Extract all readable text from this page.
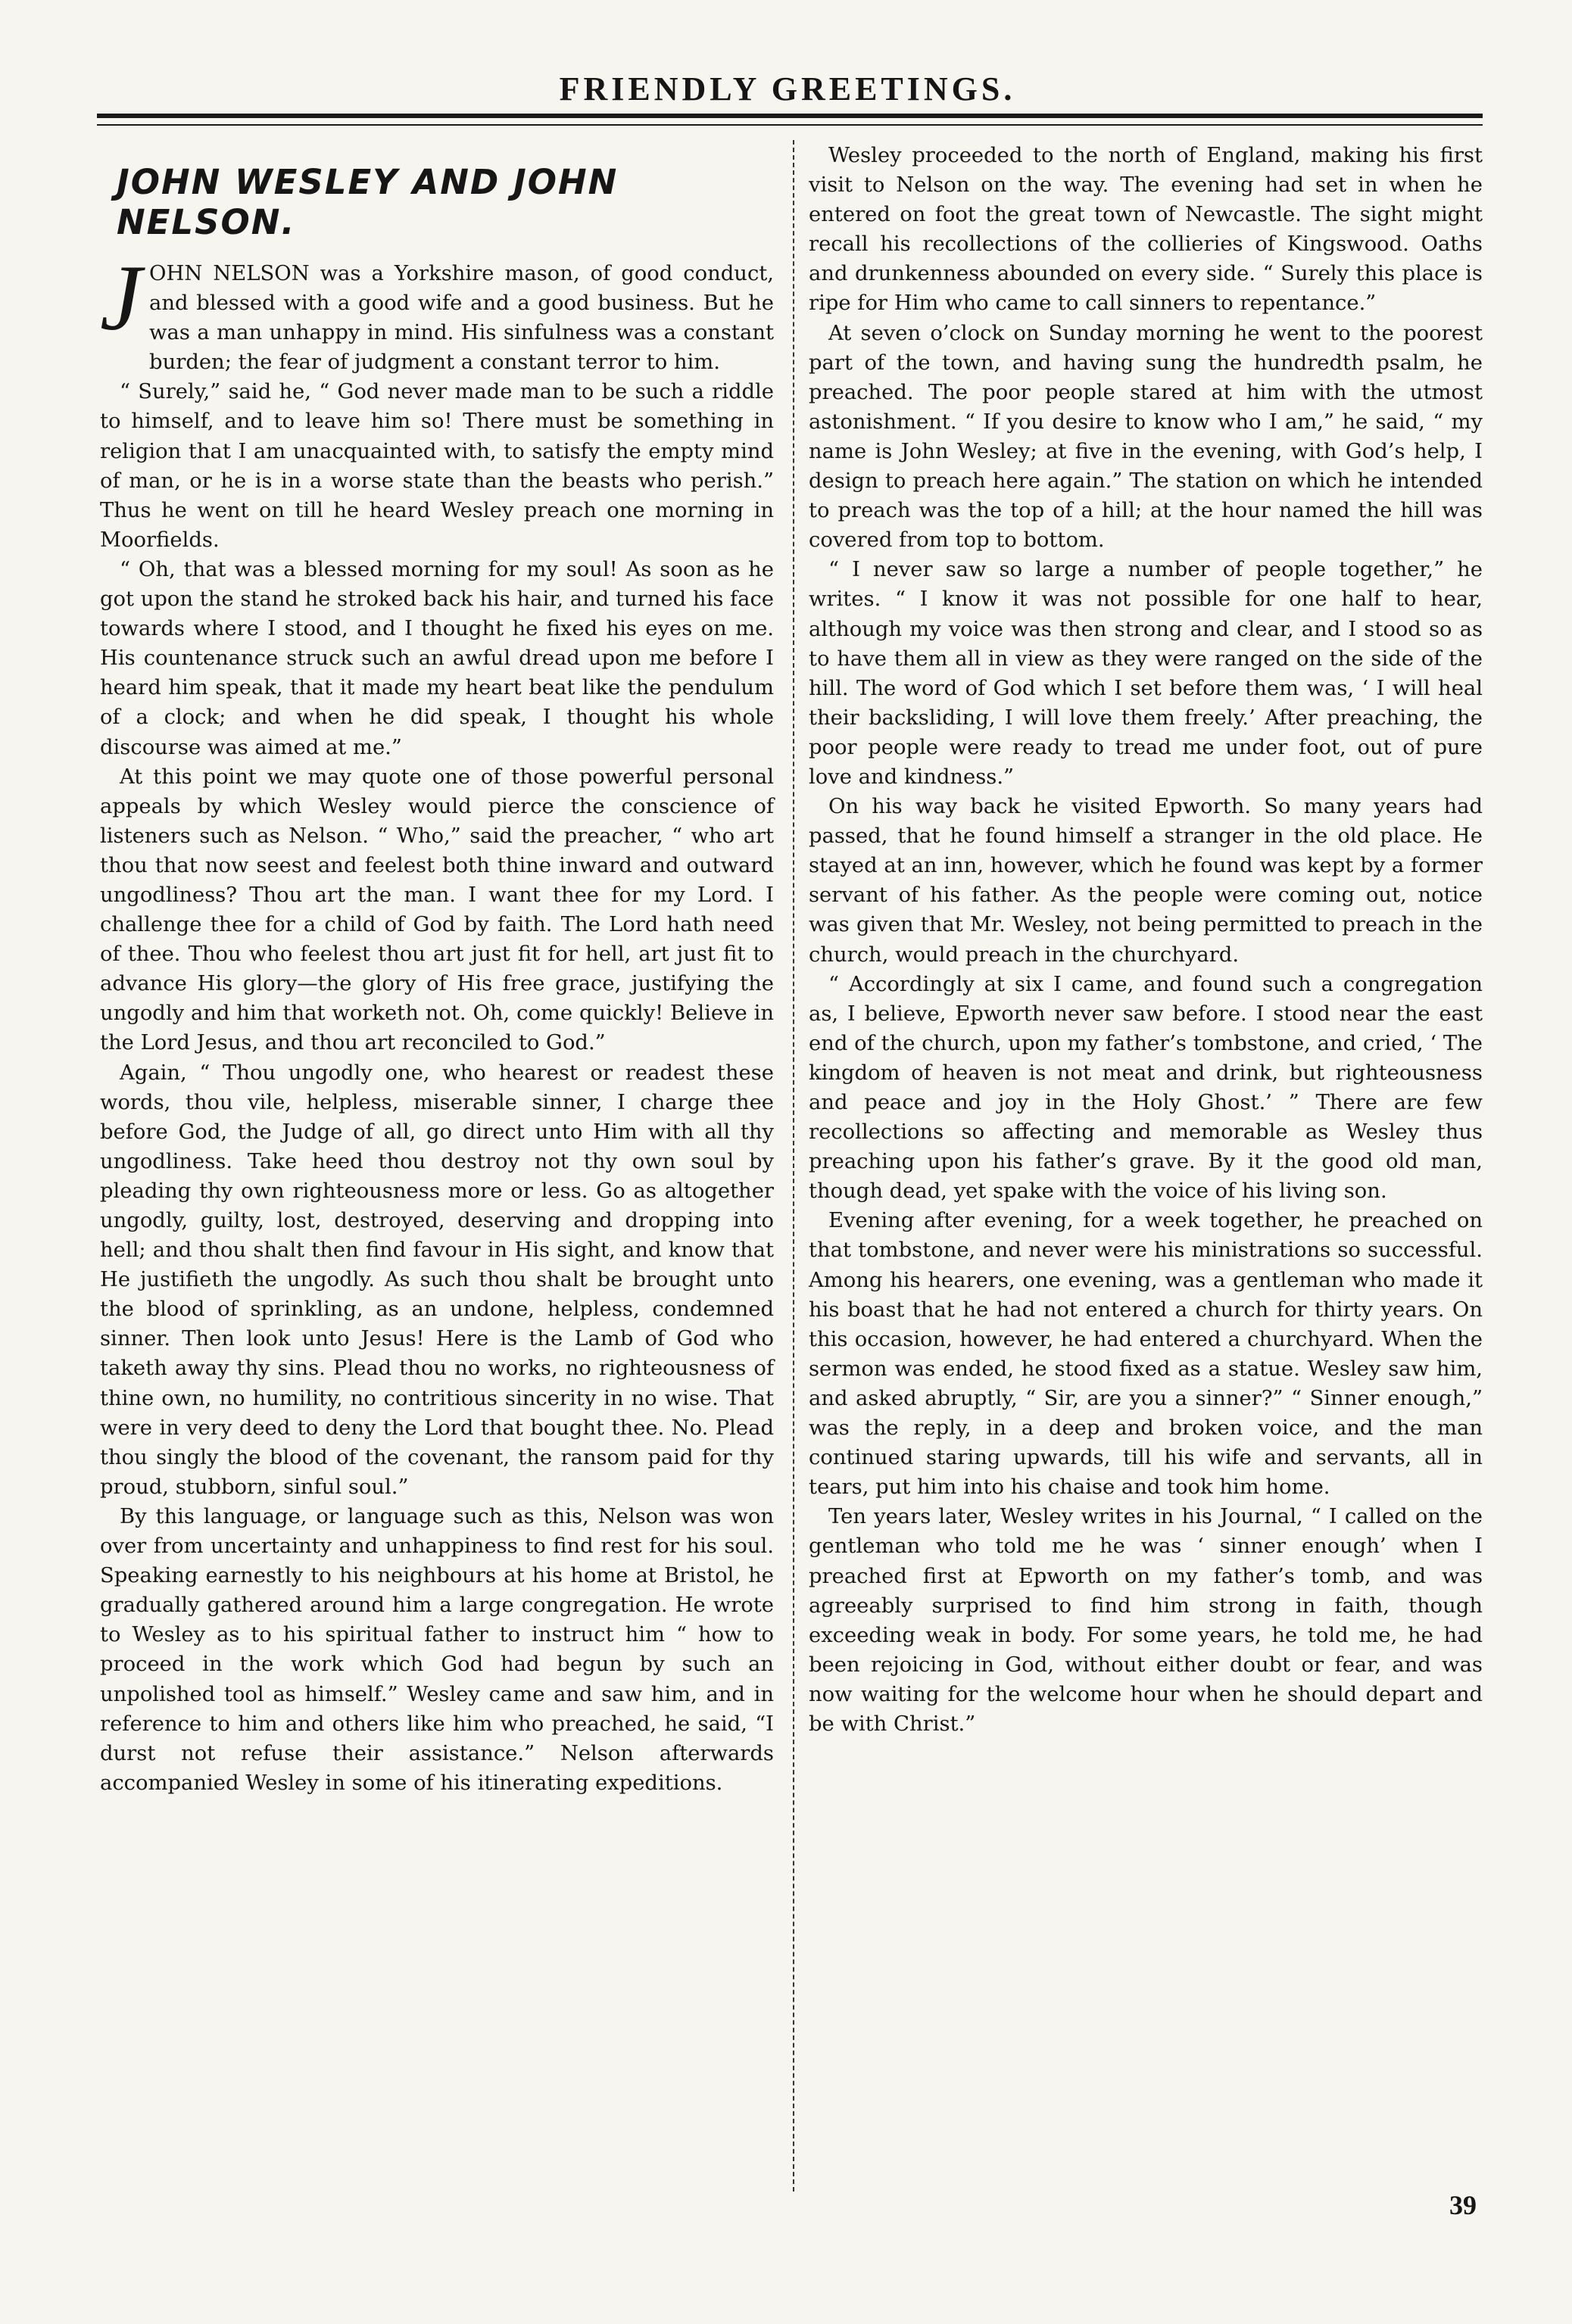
FRIENDLY GREETINGS.
JOHN WESLEY AND JOHN NELSON.

JOHN NELSON was a Yorkshire mason, of good conduct, and blessed with a good wife and a good business. But he was a man unhappy in mind. His sinfulness was a constant burden; the fear of judgment a constant terror to him.

“ Surely,” said he, “ God never made man to be such a riddle to himself, and to leave him so! There must be something in religion that I am unacquainted with, to satisfy the empty mind of man, or he is in a worse state than the beasts who perish.” Thus he went on till he heard Wesley preach one morning in Moorfields.

“ Oh, that was a blessed morning for my soul! As soon as he got upon the stand he stroked back his hair, and turned his face towards where I stood, and I thought he fixed his eyes on me. His countenance struck such an awful dread upon me before I heard him speak, that it made my heart beat like the pendulum of a clock; and when he did speak, I thought his whole discourse was aimed at me.”

At this point we may quote one of those powerful personal appeals by which Wesley would pierce the conscience of listeners such as Nelson. “ Who,” said the preacher, “ who art thou that now seest and feelest both thine inward and outward ungodliness? Thou art the man. I want thee for my Lord. I challenge thee for a child of God by faith. The Lord hath need of thee. Thou who feelest thou art just fit for hell, art just fit to advance His glory—the glory of His free grace, justifying the ungodly and him that worketh not. Oh, come quickly! Believe in the Lord Jesus, and thou art reconciled to God.”

Again, “ Thou ungodly one, who hearest or readest these words, thou vile, helpless, miserable sinner, I charge thee before God, the Judge of all, go direct unto Him with all thy ungodliness. Take heed thou destroy not thy own soul by pleading thy own righteousness more or less. Go as altogether ungodly, guilty, lost, destroyed, deserving and dropping into hell; and thou shalt then find favour in His sight, and know that He justifieth the ungodly. As such thou shalt be brought unto the blood of sprinkling, as an undone, helpless, condemned sinner. Then look unto Jesus! Here is the Lamb of God who taketh away thy sins. Plead thou no works, no righteousness of thine own, no humility, no contritious sincerity in no wise. That were in very deed to deny the Lord that bought thee. No. Plead thou singly the blood of the covenant, the ransom paid for thy proud, stubborn, sinful soul.”

By this language, or language such as this, Nelson was won over from uncertainty and unhappiness to find rest for his soul. Speaking earnestly to his neighbours at his home at Bristol, he gradually gathered around him a large congregation. He wrote to Wesley as to his spiritual father to instruct him “ how to proceed in the work which God had begun by such an unpolished tool as himself.” Wesley came and saw him, and in reference to him and others like him who preached, he said, “I durst not refuse their assistance.” Nelson afterwards accompanied Wesley in some of his itinerating expeditions.

Wesley proceeded to the north of England, making his first visit to Nelson on the way. The evening had set in when he entered on foot the great town of Newcastle. The sight might recall his recollections of the collieries of Kingswood. Oaths and drunkenness abounded on every side. “ Surely this place is ripe for Him who came to call sinners to repentance.”

At seven o’clock on Sunday morning he went to the poorest part of the town, and having sung the hundredth psalm, he preached. The poor people stared at him with the utmost astonishment. “ If you desire to know who I am,” he said, “ my name is John Wesley; at five in the evening, with God’s help, I design to preach here again.” The station on which he intended to preach was the top of a hill; at the hour named the hill was covered from top to bottom.

“ I never saw so large a number of people together,” he writes. “ I know it was not possible for one half to hear, although my voice was then strong and clear, and I stood so as to have them all in view as they were ranged on the side of the hill. The word of God which I set before them was, ‘ I will heal their backsliding, I will love them freely.’ After preaching, the poor people were ready to tread me under foot, out of pure love and kindness.”

On his way back he visited Epworth. So many years had passed, that he found himself a stranger in the old place. He stayed at an inn, however, which he found was kept by a former servant of his father. As the people were coming out, notice was given that Mr. Wesley, not being permitted to preach in the church, would preach in the churchyard.

“ Accordingly at six I came, and found such a congregation as, I believe, Epworth never saw before. I stood near the east end of the church, upon my father’s tombstone, and cried, ‘ The kingdom of heaven is not meat and drink, but righteousness and peace and joy in the Holy Ghost.’ ” There are few recollections so affecting and memorable as Wesley thus preaching upon his father’s grave. By it the good old man, though dead, yet spake with the voice of his living son.

Evening after evening, for a week together, he preached on that tombstone, and never were his ministrations so successful. Among his hearers, one evening, was a gentleman who made it his boast that he had not entered a church for thirty years. On this occasion, however, he had entered a churchyard. When the sermon was ended, he stood fixed as a statue. Wesley saw him, and asked abruptly, “ Sir, are you a sinner?” “ Sinner enough,” was the reply, in a deep and broken voice, and the man continued staring upwards, till his wife and servants, all in tears, put him into his chaise and took him home.

Ten years later, Wesley writes in his Journal, “ I called on the gentleman who told me he was ‘ sinner enough’ when I preached first at Epworth on my father’s tomb, and was agreeably surprised to find him strong in faith, though exceeding weak in body. For some years, he told me, he had been rejoicing in God, without either doubt or fear, and was now waiting for the welcome hour when he should depart and be with Christ.”

39
